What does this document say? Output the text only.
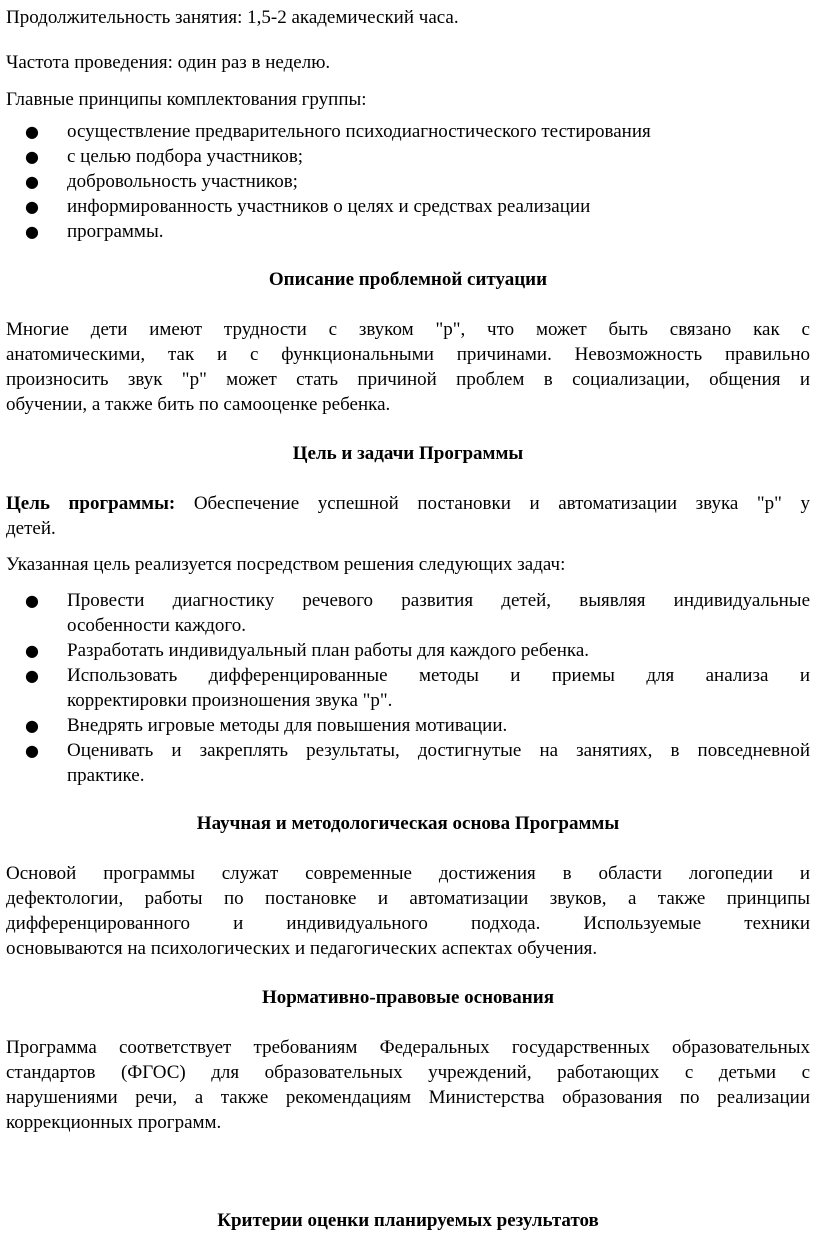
Продолжительность занятия: 1,5-2 академический часа.

Частота проведения: один раз в неделю.

Главные принципы комплектования группы:

● осуществление предварительного психодиагностического тестирования
● с целью подбора участников;
● добровольность участников;
● информированность участников о целях и средствах реализации
● программы.

Описание проблемной ситуации

Многие дети имеют трудности с звуком "р", что может быть связано как с
анатомическими, так и с функциональными причинами. Невозможность правильно
произносить звук "р" может стать причиной проблем в социализации, общения и
обучении, а также бить по самооценке ребенка.

Цель и задачи Программы

Цель программы: Обеспечение успешной постановки и автоматизации звука "р" у
детей.

Указанная цель реализуется посредством решения следующих задач:

● Провести диагностику речевого развития детей, выявляя индивидуальные
особенности каждого.
● Разработать индивидуальный план работы для каждого ребенка.
● Использовать дифференцированные методы и приемы для анализа и
корректировки произношения звука "р".
● Внедрять игровые методы для повышения мотивации.
● Оценивать и закреплять результаты, достигнутые на занятиях, в повседневной
практике.

Научная и методологическая основа Программы

Основой программы служат современные достижения в области логопедии и
дефектологии, работы по постановке и автоматизации звуков, а также принципы
дифференцированного и индивидуального подхода. Используемые техники
основываются на психологических и педагогических аспектах обучения.

Нормативно-правовые основания

Программа соответствует требованиям Федеральных государственных образовательных
стандартов (ФГОС) для образовательных учреждений, работающих с детьми с
нарушениями речи, а также рекомендациям Министерства образования по реализации
коррекционных программ.

Критерии оценки планируемых результатов
